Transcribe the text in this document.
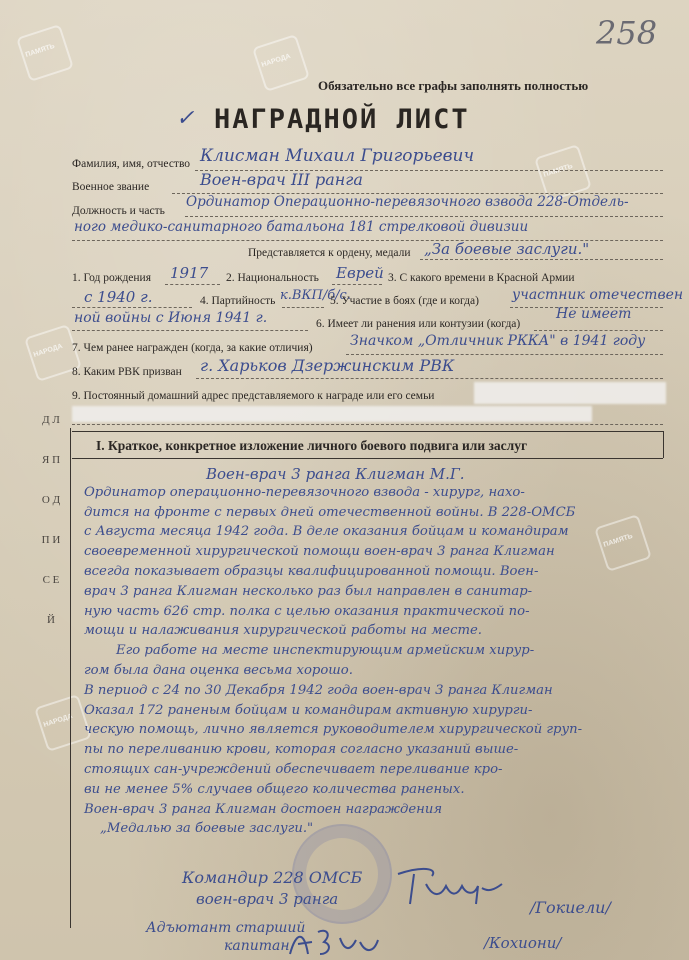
ПАМЯТЬ
НАРОДА
ПАМЯТЬ
НАРОДА
ПАМЯТЬ
НАРОДА
258
Обязательно все графы заполнять полностью
✓ НАГРАДНОЙ ЛИСТ
Фамилия, имя, отчество Клисман Михаил Григорьевич
Военное звание	Воен-врач III ранга
Должность и часть
Ординатор Операционно-перевязочного взвода 228-Отдель-
ного медико-санитарного батальона 181 стрелковой дивизии
Представляется к ордену, медали „За боевые заслуги."
1. Год рождения 1917 2. Национальность Еврей 3. С какого времени в Красной Армии
с 1940 г.	4. Партийность к.ВКП/б/с.
5. Участие в боях (где и когда) участник отечествен
ной войны с Июня 1941 г.	6. Имеет ли ранения или контузии (когда)
Не имеет
7. Чем ранее награжден (когда, за какие отличия)	Значком „Отличник РККА" в 1941 году
8. Каким РВК призван г. Харьков Дзержинским РВК
9. Постоянный домашний адрес представляемого к награде или его семьи
Д Л Я П О Д П И С Е Й
I. Краткое, конкретное изложение личного боевого подвига или заслуг
Воен-врач 3 ранга Клигман М.Г.
Ординатор операционно-перевязочного взвода - хирург, нахо-
дится на фронте с первых дней отечественной войны. В 228-ОМСБ
с Августа месяца 1942 года. В деле оказания бойцам и командирам
своевременной хирургической помощи воен-врач 3 ранга Клигман
всегда показывает образцы квалифицированной помощи. Воен-
врач 3 ранга Клигман несколько раз был направлен в санитар-
ную часть 626 стр. полка с целью оказания практической по-
мощи и налаживания хирургической работы на месте.
Его работе на месте инспектирующим армейским хирур-
гом была дана оценка весьма хорошо.
В период с 24 по 30 Декабря 1942 года воен-врач 3 ранга Клигман
Оказал 172 раненым бойцам и командирам активную хирурги-
ческую помощь, лично является руководителем хирургической груп-
пы по переливанию крови, которая согласно указаний выше-
стоящих сан-учреждений обеспечивает переливание кро-
ви не менее 5% случаев общего количества раненых.
Воен-врач 3 ранга Клигман достоен награждения
„Медалью за боевые заслуги."
Командир 228 ОМСБ
воен-врач 3 ранга	/Гокиели/
Адъютант старший
капитан	/Кохиони/
